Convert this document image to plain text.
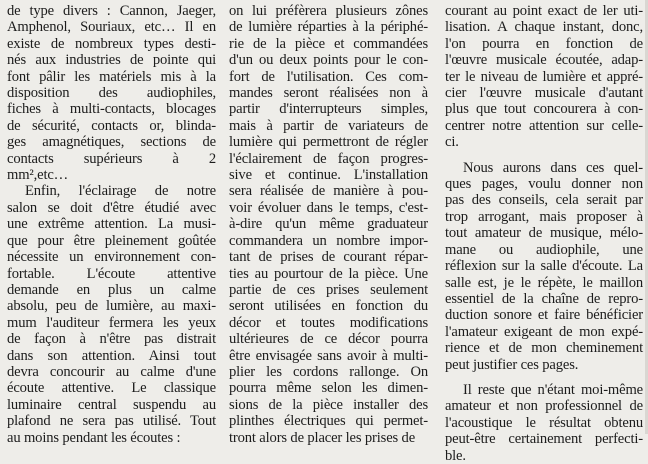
de type divers : Cannon, Jaeger,
Amphenol, Souriaux, etc… Il en
existe de nombreux types desti-
nés aux industries de pointe qui
font pâlir les matériels mis à la
disposition des audiophiles,
fiches à multi-contacts, blocages
de sécurité, contacts or, blinda-
ges amagnétiques, sections de
contacts supérieurs à 2
mm²,etc…
Enfin, l'éclairage de notre
salon se doit d'être étudié avec
une extrême attention. La musi-
que pour être pleinement goûtée
nécessite un environnement con-
fortable. L'écoute attentive
demande en plus un calme
absolu, peu de lumière, au maxi-
mum l'auditeur fermera les yeux
de façon à n'être pas distrait
dans son attention. Ainsi tout
devra concourir au calme d'une
écoute attentive. Le classique
luminaire central suspendu au
plafond ne sera pas utilisé. Tout
au moins pendant les écoutes :
on lui préfèrera plusieurs zônes
de lumière réparties à la périphé-
rie de la pièce et commandées
d'un ou deux points pour le con-
fort de l'utilisation. Ces com-
mandes seront réalisées non à
partir d'interrupteurs simples,
mais à partir de variateurs de
lumière qui permettront de régler
l'éclairement de façon progres-
sive et continue. L'installation
sera réalisée de manière à pou-
voir évoluer dans le temps, c'est-
à-dire qu'un même graduateur
commandera un nombre impor-
tant de prises de courant répar-
ties au pourtour de la pièce. Une
partie de ces prises seulement
seront utilisées en fonction du
décor et toutes modifications
ultérieures de ce décor pourra
être envisagée sans avoir à multi-
plier les cordons rallonge. On
pourra même selon les dimen-
sions de la pièce installer des
plinthes électriques qui permet-
tront alors de placer les prises de
courant au point exact de ler uti-
lisation. A chaque instant, donc,
l'on pourra en fonction de
l'œuvre musicale écoutée, adap-
ter le niveau de lumière et appré-
cier l'œuvre musicale d'autant
plus que tout concourera à con-
centrer notre attention sur celle-
ci.
Nous aurons dans ces quel-
ques pages, voulu donner non
pas des conseils, cela serait par
trop arrogant, mais proposer à
tout amateur de musique, mélo-
mane ou audiophile, une
réflexion sur la salle d'écoute. La
salle est, je le répète, le maillon
essentiel de la chaîne de repro-
duction sonore et faire bénéficier
l'amateur exigeant de mon expé-
rience et de mon cheminement
peut justifier ces pages.
Il reste que n'étant moi-même
amateur et non professionnel de
l'acoustique le résultat obtenu
peut-être certainement perfecti-
ble.
